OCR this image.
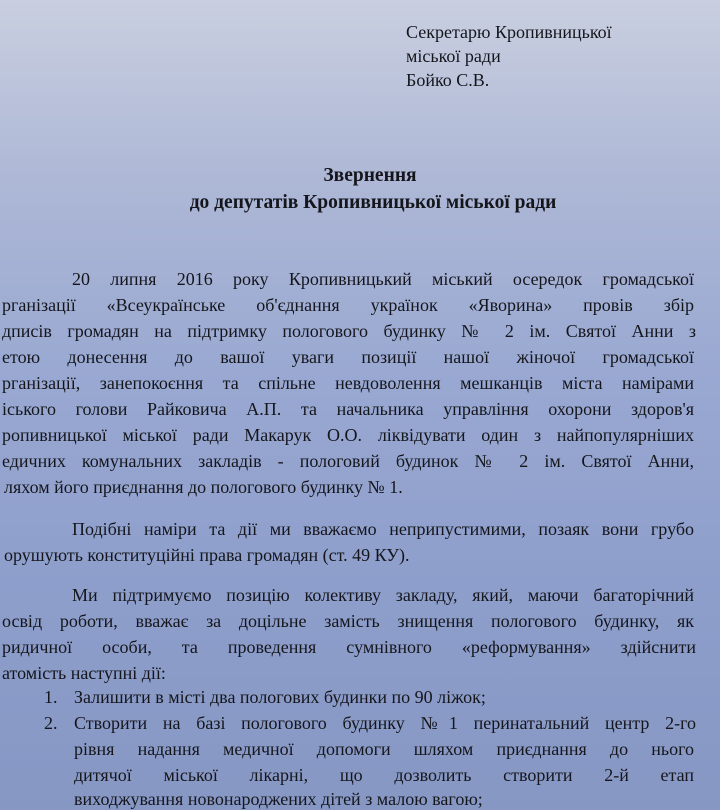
Секретарю Кропивницької
міської ради
Бойко С.В.
Звернення
до депутатів Кропивницької міської ради
20 липня 2016 року Кропивницький міський осередок громадської
рганізації «Всеукраїнське об'єднання українок «Яворина» провів збір
дписів громадян на підтримку пологового будинку № 2 ім. Святої Анни з
етою донесення до вашої уваги позиції нашої жіночої громадської
рганізації, занепокоєння та спільне невдоволення мешканців міста намірами
іського голови Райковича А.П. та начальника управління охорони здоров'я
ропивницької міської ради Макарук О.О. ліквідувати один з найпопулярніших
едичних комунальних закладів - пологовий будинок № 2 ім. Святої Анни,
ляхом його приєднання до пологового будинку № 1.
Подібні наміри та дії ми вважаємо неприпустимими, позаяк вони грубо
орушують конституційні права громадян (ст. 49 КУ).
Ми підтримуємо позицію колективу закладу, який, маючи багаторічний
освід роботи, вважає за доцільне замість знищення пологового будинку, як
ридичної особи, та проведення сумнівного «реформування» здійснити
атомість наступні дії:
1. Залишити в місті два пологових будинки по 90 ліжок;
2. Створити на базі пологового будинку №1 перинатальний центр 2-го
рівня надання медичної допомоги шляхом приєднання до нього
дитячої міської лікарні, що дозволить створити 2-й етап
виходжування новонароджених дітей з малою вагою;
